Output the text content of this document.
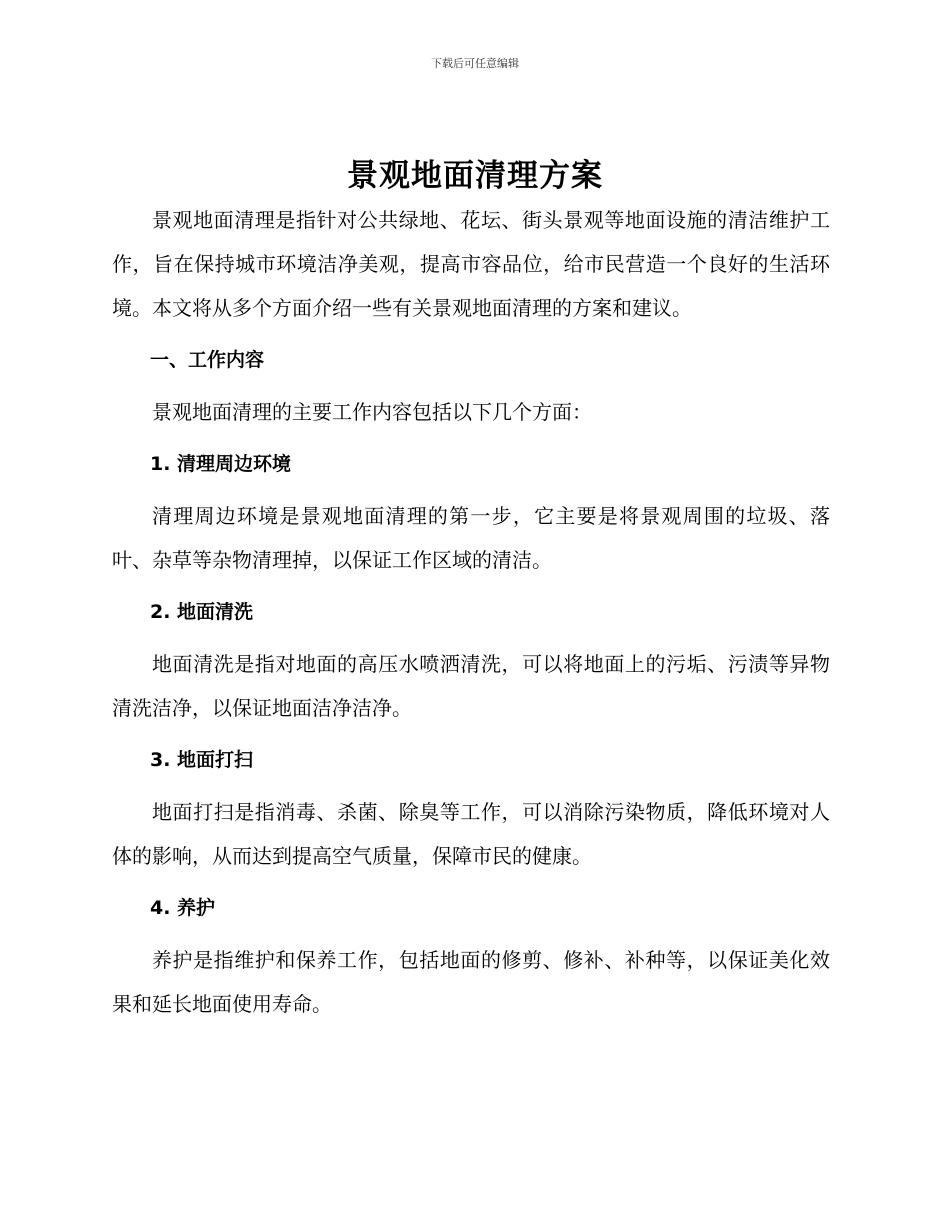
下载后可任意编辑
景观地面清理方案

景观地面清理是指针对公共绿地、花坛、街头景观等地面设施的清洁维护工作，旨在保持城市环境洁净美观，提高市容品位，给市民营造一个良好的生活环境。本文将从多个方面介绍一些有关景观地面清理的方案和建议。

一、工作内容

景观地面清理的主要工作内容包括以下几个方面：

1. 清理周边环境

清理周边环境是景观地面清理的第一步，它主要是将景观周围的垃圾、落叶、杂草等杂物清理掉，以保证工作区域的清洁。

2. 地面清洗

地面清洗是指对地面的高压水喷洒清洗，可以将地面上的污垢、污渍等异物清洗洁净，以保证地面洁净洁净。

3. 地面打扫

地面打扫是指消毒、杀菌、除臭等工作，可以消除污染物质，降低环境对人体的影响，从而达到提高空气质量，保障市民的健康。

4. 养护

养护是指维护和保养工作，包括地面的修剪、修补、补种等，以保证美化效果和延长地面使用寿命。
